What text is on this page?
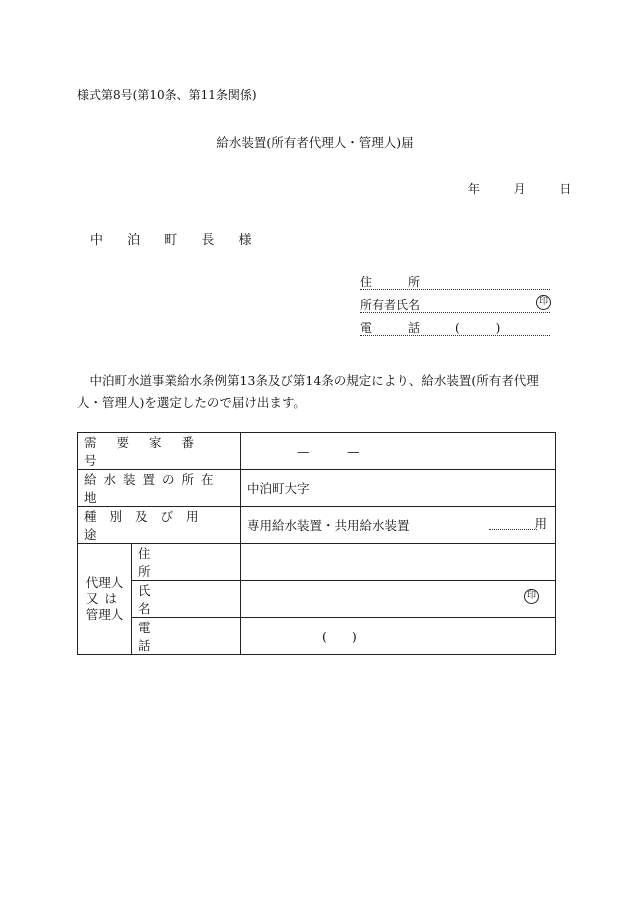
様式第8号(第10条、第11条関係)
給水装置(所有者代理人・管理人)届
年	月	日
中 泊 町 長 様
住　　　所
所有者氏名	印
電　　　話	(　　　)
中泊町水道事業給水条例第13条及び第14条の規定により、給水装置(所有者代理人・管理人)を選定したので届け出ます。
需要家番号		—　　　—
給水装置の所在地		中泊町大字
種別及び用途		専用給水装置・共用給水装置 用

代理人
又は
管理人	住所	
	氏名	印

	電話	(　　)
